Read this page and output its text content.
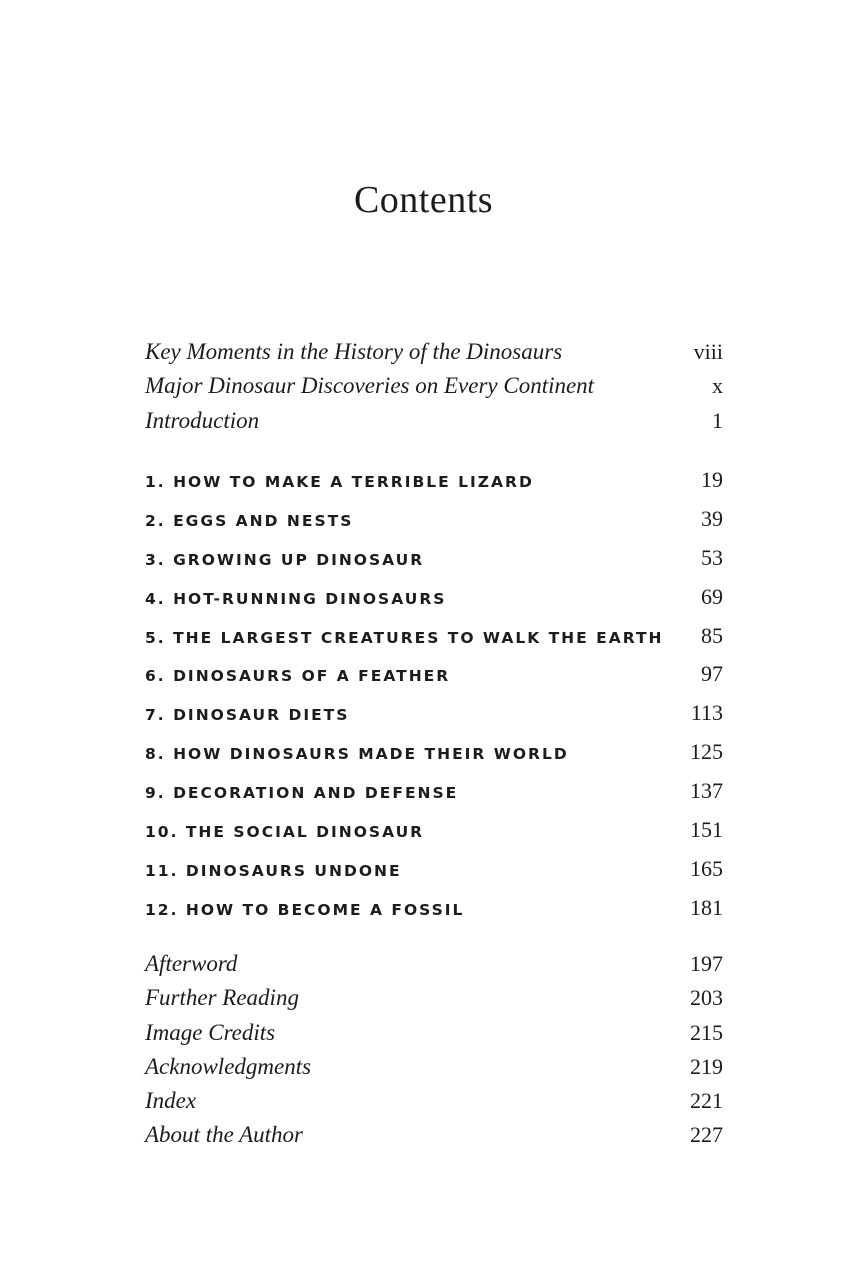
Contents
Key Moments in the History of the Dinosaurs	viii
Major Dinosaur Discoveries on Every Continent	x
Introduction	1
1. HOW TO MAKE A TERRIBLE LIZARD	19
2. EGGS AND NESTS	39
3. GROWING UP DINOSAUR	53
4. HOT-RUNNING DINOSAURS	69
5. THE LARGEST CREATURES TO WALK THE EARTH 85
6. DINOSAURS OF A FEATHER	97
7. DINOSAUR DIETS	113
8. HOW DINOSAURS MADE THEIR WORLD	125
9. DECORATION AND DEFENSE	137
10. THE SOCIAL DINOSAUR	151
11. DINOSAURS UNDONE	165
12. HOW TO BECOME A FOSSIL	181
Afterword	197
Further Reading	203
Image Credits	215
Acknowledgments	219
Index	221
About the Author	227
